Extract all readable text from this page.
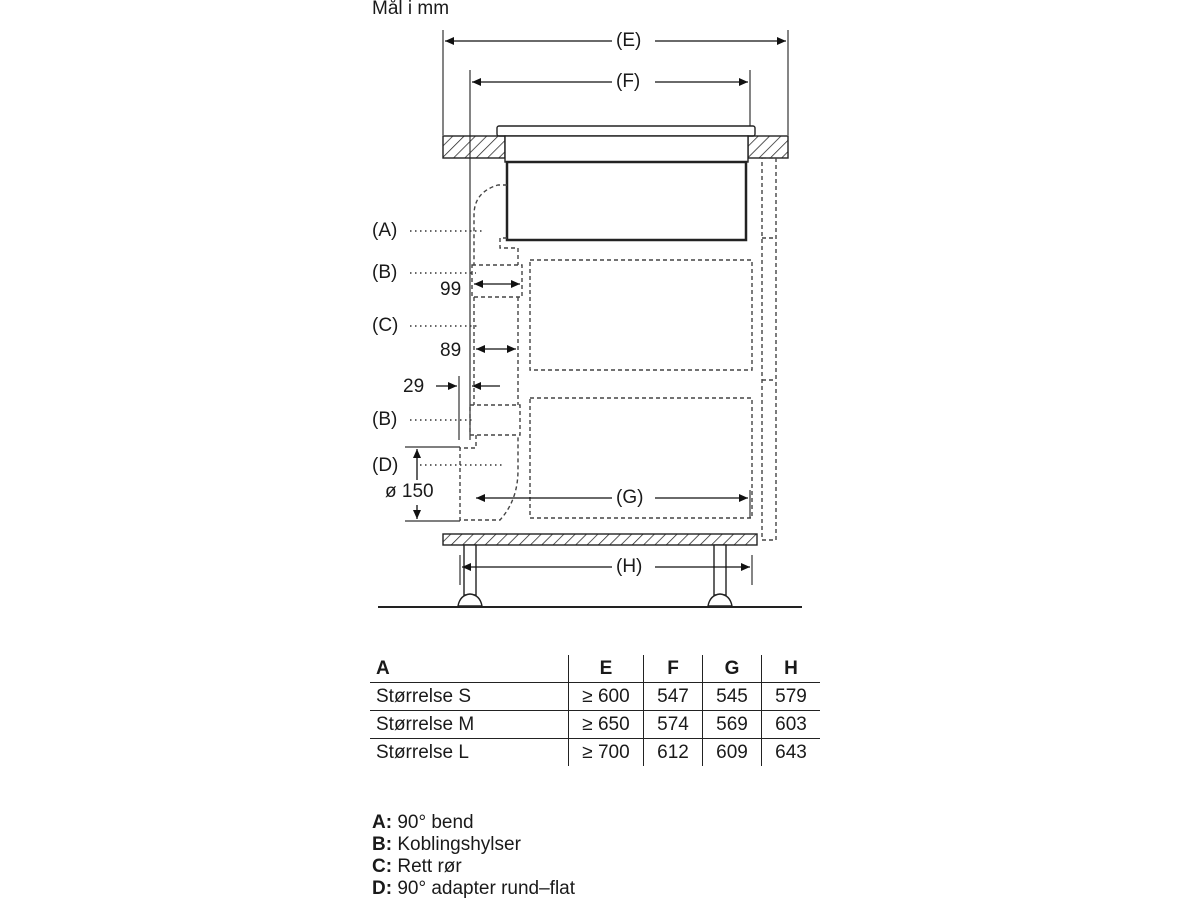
Mål i mm
(E)
(F)
(G)
(H)
(A)
(B)
(C)
(B)
(D)
99
89
29
ø 150
A	E	F	G	H
Størrelse S	≥ 600	547	545	579
Størrelse M	≥ 650	574	569	603
Størrelse L	≥ 700	612	609	643
A: 90° bend
B: Koblingshylser
C: Rett rør
D: 90° adapter rund–flat
